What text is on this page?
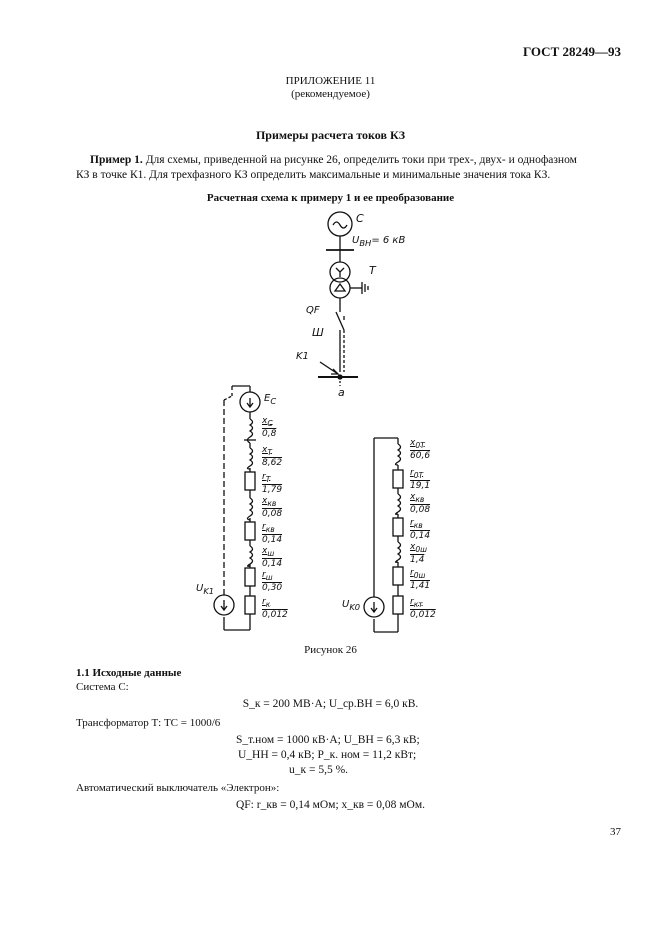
ГОСТ 28249—93
ПРИЛОЖЕНИЕ 11
(рекомендуемое)
Примеры расчета токов КЗ
Пример 1. Для схемы, приведенной на рисунке 26, определить токи при трех-, двух- и однофазном КЗ в точке К1. Для трехфазного КЗ определить максимальные и минимальные значения тока КЗ.
Расчетная схема к примеру 1 и ее преобразование
C
$U_{ВН}= 6$ кВ
T
QF
Ш
K1
a
$E_C$
$x_C$
0,8
$x_T$
8,62
$r_T$
1,79
$x_{кв}$
0,08
$r_{кв}$
0,14
$x_ш$
0,14
$r_ш$
0,30
$r_к$
0,012
$U_{K1}$
$x_{0T}$
60,6
$r_{0T}$
19,1
$x_{кв}$
0,08
$r_{кв}$
0,14
$x_{0ш}$
1,4
$r_{0ш}$
1,41
$r_{кт}$
0,012
$U_{K0}$
Рисунок 26
1.1 Исходные данные
Система С:
S_к = 200 МВ·А; U_ср.ВН = 6,0 кВ.
Трансформатор Т: ТС = 1000/6
S_т.ном = 1000 кВ·А; U_ВН = 6,3 кВ;
U_НН = 0,4 кВ; P_к. ном = 11,2 кВт;
u_к = 5,5 %.
Автоматический выключатель «Электрон»:
QF: r_кв = 0,14 мОм; x_кв = 0,08 мОм.
37
